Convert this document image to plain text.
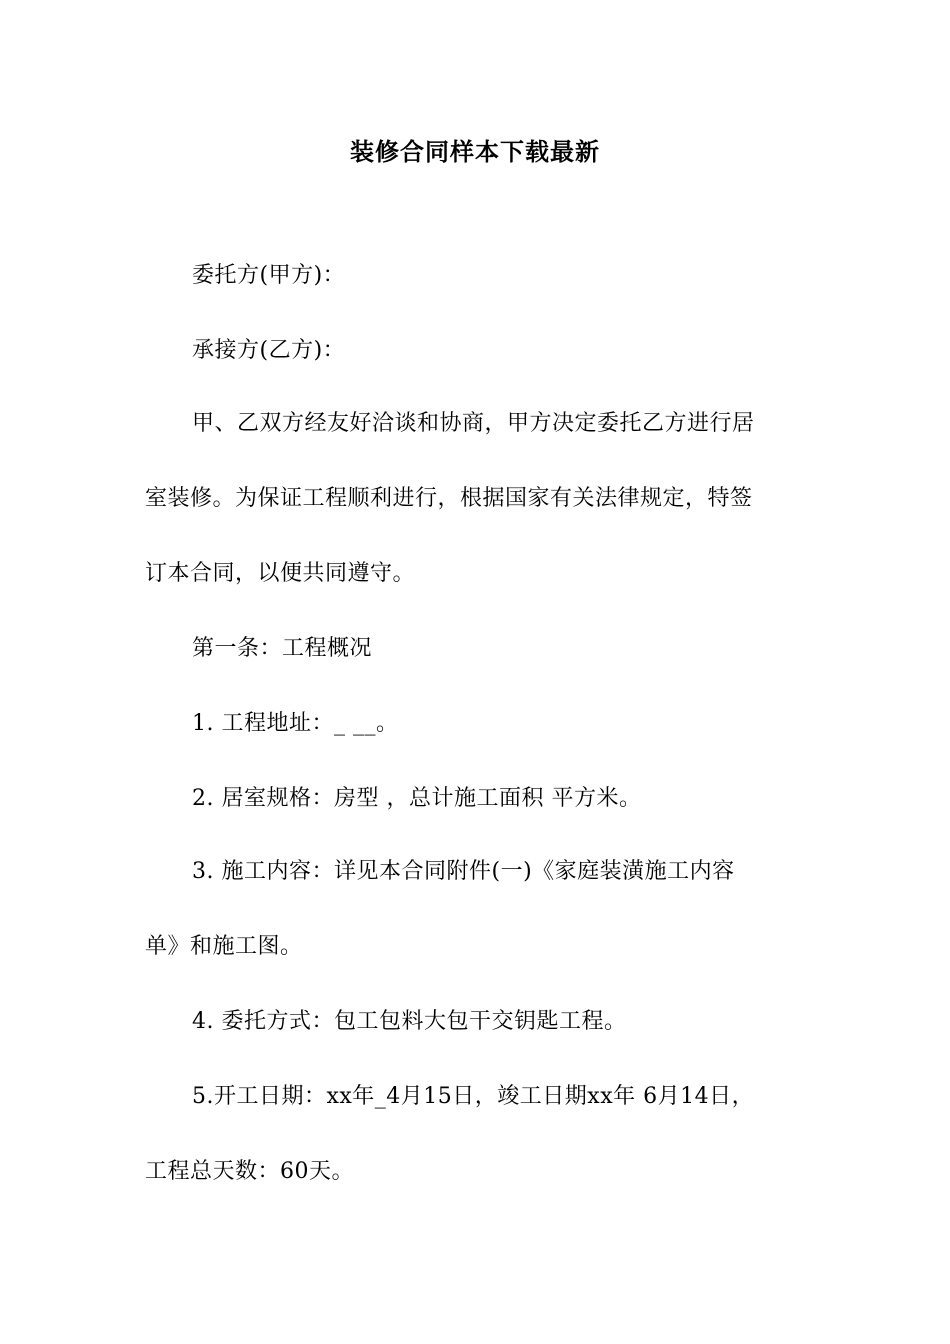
装修合同样本下载最新
委托方(甲方)：
承接方(乙方)：
甲、乙双方经友好洽谈和协商，甲方决定委托乙方进行居
室装修。为保证工程顺利进行，根据国家有关法律规定，特签
订本合同，以便共同遵守。
第一条：工程概况
1. 工程地址：_ __。
2. 居室规格：房型 ，总计施工面积 平方米。
3. 施工内容：详见本合同附件(一)《家庭装潢施工内容
单》和施工图。
4. 委托方式：包工包料大包干交钥匙工程。
5.开工日期：xx年_4月15日，竣工日期xx年 6月14日，
工程总天数：60天。
